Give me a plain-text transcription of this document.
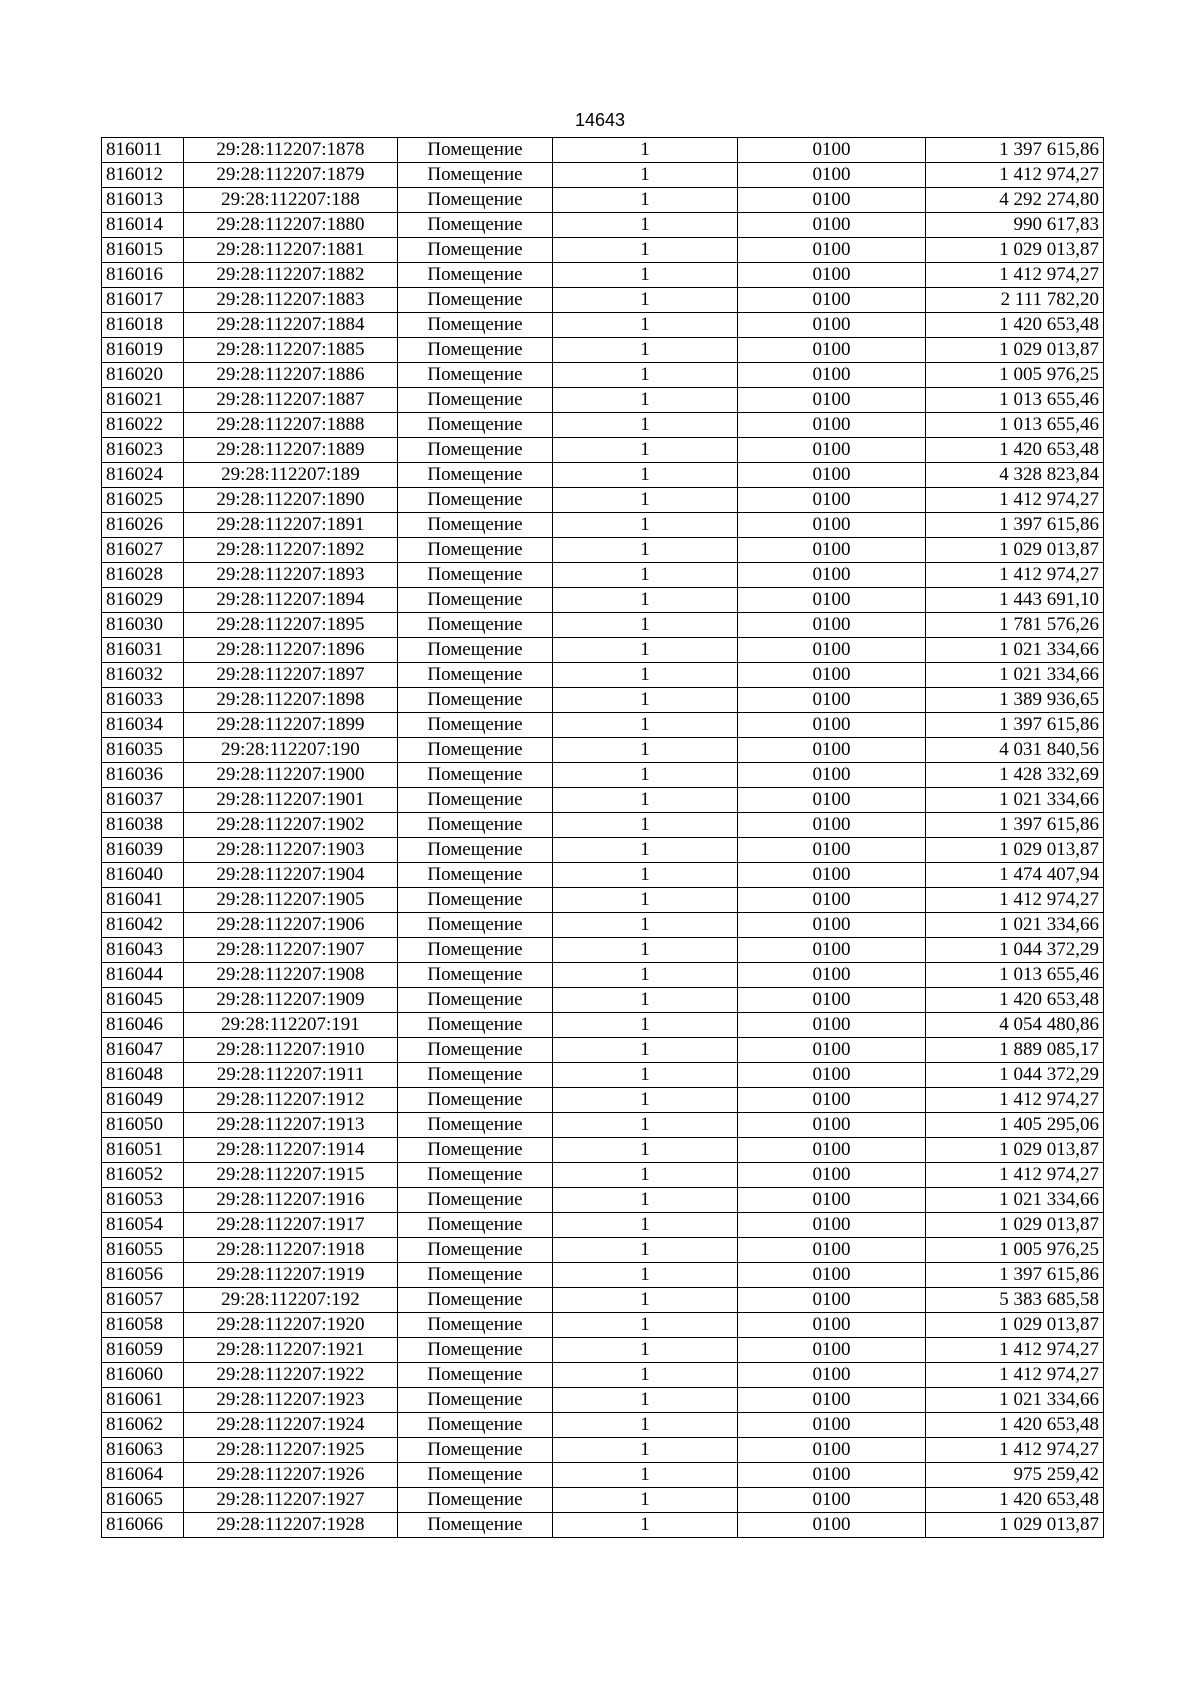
14643
816011	29:28:112207:1878	Помещение	1	0100	1 397 615,86
816012	29:28:112207:1879	Помещение	1	0100	1 412 974,27
816013	29:28:112207:188	Помещение	1	0100	4 292 274,80
816014	29:28:112207:1880	Помещение	1	0100	990 617,83
816015	29:28:112207:1881	Помещение	1	0100	1 029 013,87
816016	29:28:112207:1882	Помещение	1	0100	1 412 974,27
816017	29:28:112207:1883	Помещение	1	0100	2 111 782,20
816018	29:28:112207:1884	Помещение	1	0100	1 420 653,48
816019	29:28:112207:1885	Помещение	1	0100	1 029 013,87
816020	29:28:112207:1886	Помещение	1	0100	1 005 976,25
816021	29:28:112207:1887	Помещение	1	0100	1 013 655,46
816022	29:28:112207:1888	Помещение	1	0100	1 013 655,46
816023	29:28:112207:1889	Помещение	1	0100	1 420 653,48
816024	29:28:112207:189	Помещение	1	0100	4 328 823,84
816025	29:28:112207:1890	Помещение	1	0100	1 412 974,27
816026	29:28:112207:1891	Помещение	1	0100	1 397 615,86
816027	29:28:112207:1892	Помещение	1	0100	1 029 013,87
816028	29:28:112207:1893	Помещение	1	0100	1 412 974,27
816029	29:28:112207:1894	Помещение	1	0100	1 443 691,10
816030	29:28:112207:1895	Помещение	1	0100	1 781 576,26
816031	29:28:112207:1896	Помещение	1	0100	1 021 334,66
816032	29:28:112207:1897	Помещение	1	0100	1 021 334,66
816033	29:28:112207:1898	Помещение	1	0100	1 389 936,65
816034	29:28:112207:1899	Помещение	1	0100	1 397 615,86
816035	29:28:112207:190	Помещение	1	0100	4 031 840,56
816036	29:28:112207:1900	Помещение	1	0100	1 428 332,69
816037	29:28:112207:1901	Помещение	1	0100	1 021 334,66
816038	29:28:112207:1902	Помещение	1	0100	1 397 615,86
816039	29:28:112207:1903	Помещение	1	0100	1 029 013,87
816040	29:28:112207:1904	Помещение	1	0100	1 474 407,94
816041	29:28:112207:1905	Помещение	1	0100	1 412 974,27
816042	29:28:112207:1906	Помещение	1	0100	1 021 334,66
816043	29:28:112207:1907	Помещение	1	0100	1 044 372,29
816044	29:28:112207:1908	Помещение	1	0100	1 013 655,46
816045	29:28:112207:1909	Помещение	1	0100	1 420 653,48
816046	29:28:112207:191	Помещение	1	0100	4 054 480,86
816047	29:28:112207:1910	Помещение	1	0100	1 889 085,17
816048	29:28:112207:1911	Помещение	1	0100	1 044 372,29
816049	29:28:112207:1912	Помещение	1	0100	1 412 974,27
816050	29:28:112207:1913	Помещение	1	0100	1 405 295,06
816051	29:28:112207:1914	Помещение	1	0100	1 029 013,87
816052	29:28:112207:1915	Помещение	1	0100	1 412 974,27
816053	29:28:112207:1916	Помещение	1	0100	1 021 334,66
816054	29:28:112207:1917	Помещение	1	0100	1 029 013,87
816055	29:28:112207:1918	Помещение	1	0100	1 005 976,25
816056	29:28:112207:1919	Помещение	1	0100	1 397 615,86
816057	29:28:112207:192	Помещение	1	0100	5 383 685,58
816058	29:28:112207:1920	Помещение	1	0100	1 029 013,87
816059	29:28:112207:1921	Помещение	1	0100	1 412 974,27
816060	29:28:112207:1922	Помещение	1	0100	1 412 974,27
816061	29:28:112207:1923	Помещение	1	0100	1 021 334,66
816062	29:28:112207:1924	Помещение	1	0100	1 420 653,48
816063	29:28:112207:1925	Помещение	1	0100	1 412 974,27
816064	29:28:112207:1926	Помещение	1	0100	975 259,42
816065	29:28:112207:1927	Помещение	1	0100	1 420 653,48
816066	29:28:112207:1928	Помещение	1	0100	1 029 013,87
